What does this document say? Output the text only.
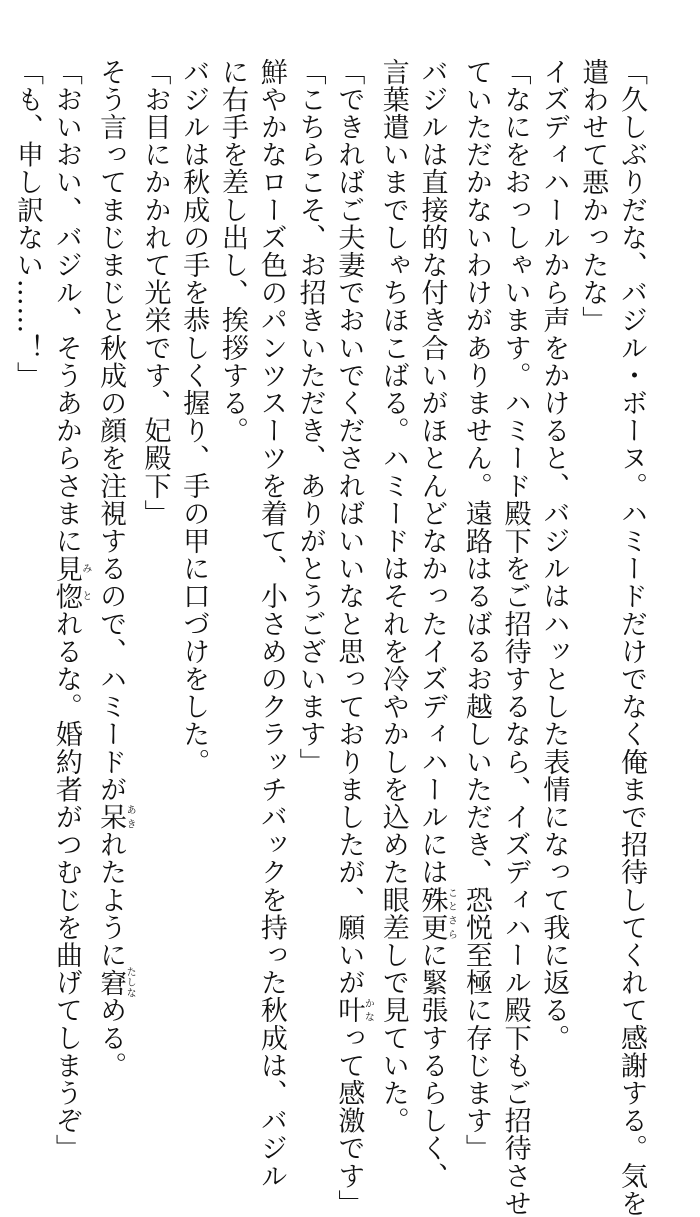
「久しぶりだな、バジル・ボーヌ。ハミードだけでなく俺まで招待してくれて感謝する。気を
遣わせて悪かったな」
イズディハールから声をかけると、バジルはハッとした表情になって我に返る。
「なにをおっしゃいます。ハミード殿下をご招待するなら、イズディハール殿下もご招待させ
ていただかないわけがありません。遠路はるばるお越しいただき、恐悦至極に存じます」
バジルは直接的な付き合いがほとんどなかったイズディハールには殊更ことさらに緊張するらしく、
言葉遣いまでしゃちほこばる。ハミードはそれを冷やかしを込めた眼差しで見ていた。
「できればご夫妻でおいでくださればいいなと思っておりましたが、願いが叶かなって感激です」
「こちらこそ、お招きいただき、ありがとうございます」
鮮やかなローズ色のパンツスーツを着て、小さめのクラッチバックを持った秋成は、バジル
に右手を差し出し、挨拶する。
バジルは秋成の手を恭しく握り、手の甲に口づけをした。
「お目にかかれて光栄です、妃殿下」
そう言ってまじまじと秋成の顔を注視するので、ハミードが呆あきれたように窘たしなめる。
「おいおい、バジル、そうあからさまに見惚みとれるな。婚約者がつむじを曲げてしまうぞ」
「も、申し訳ない……！」
